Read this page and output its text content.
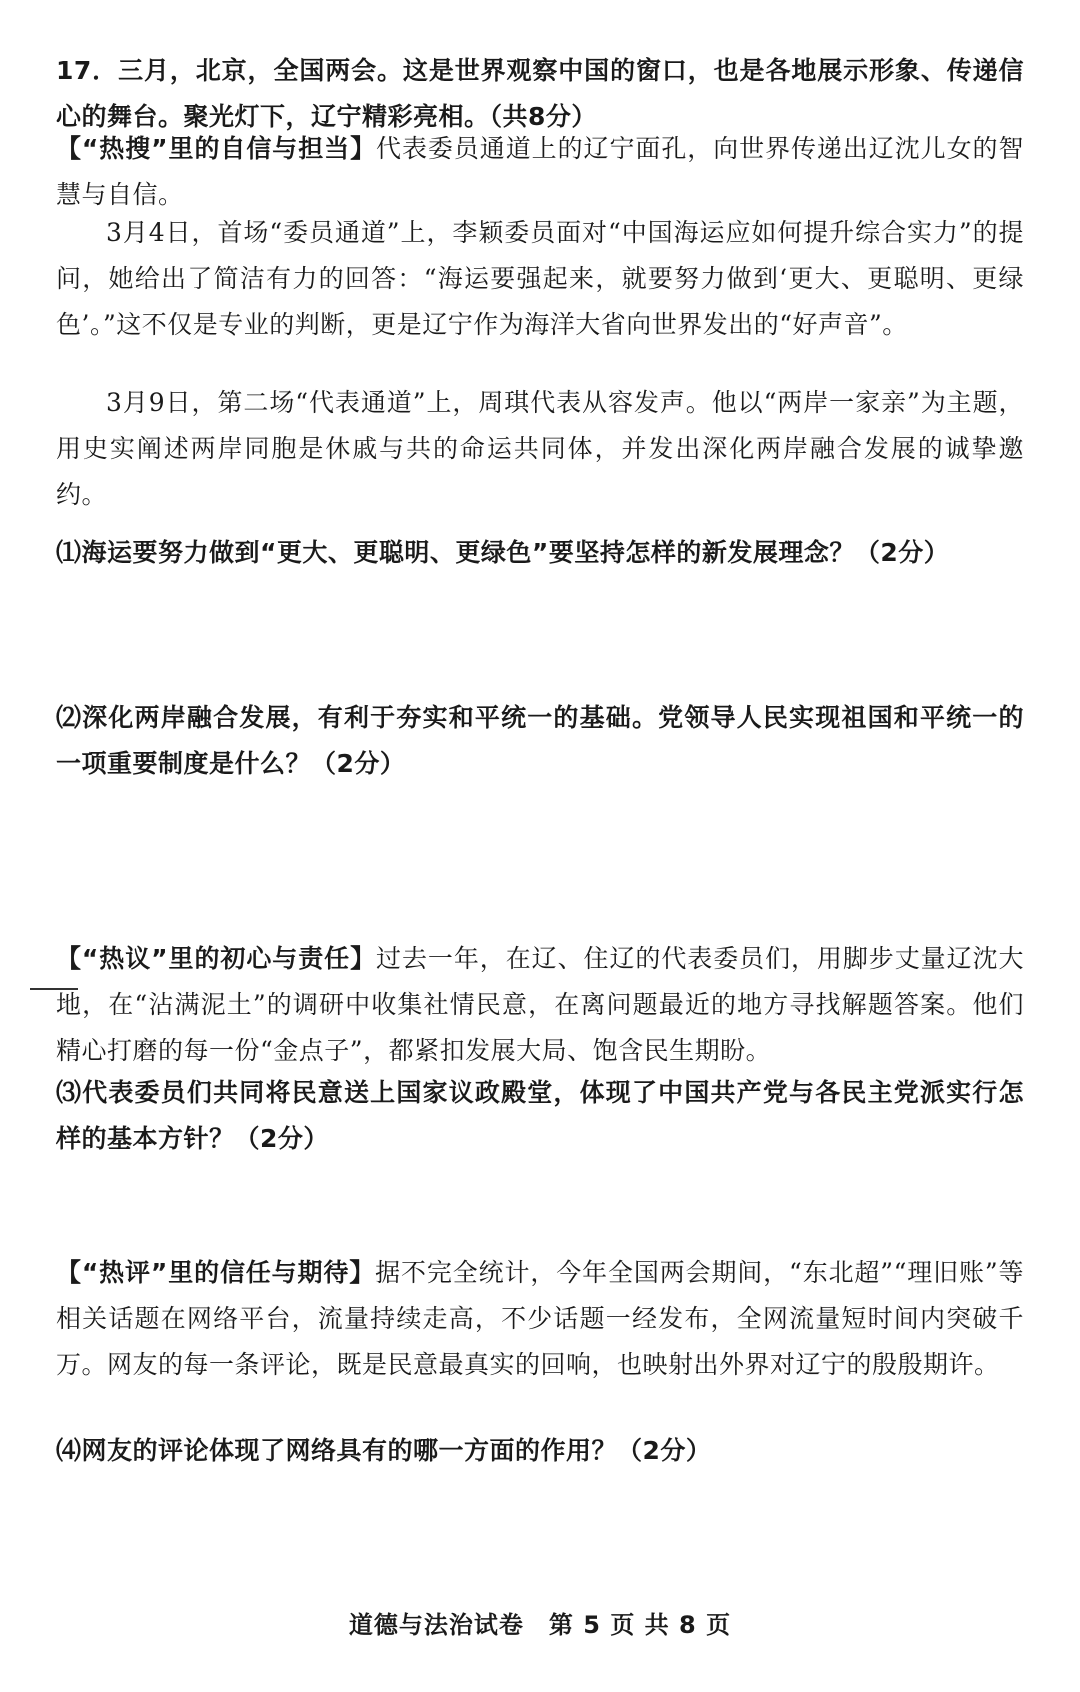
17．三月，北京，全国两会。这是世界观察中国的窗口，也是各地展示形象、传递信心的舞台。聚光灯下，辽宁精彩亮相。（共8分）
【“热搜”里的自信与担当】代表委员通道上的辽宁面孔，向世界传递出辽沈儿女的智慧与自信。
3月4日，首场“委员通道”上，李颖委员面对“中国海运应如何提升综合实力”的提问，她给出了简洁有力的回答：“海运要强起来，就要努力做到‘更大、更聪明、更绿色’。”这不仅是专业的判断，更是辽宁作为海洋大省向世界发出的“好声音”。
3月9日，第二场“代表通道”上，周琪代表从容发声。他以“两岸一家亲”为主题，用史实阐述两岸同胞是休戚与共的命运共同体，并发出深化两岸融合发展的诚挚邀约。
⑴海运要努力做到“更大、更聪明、更绿色”要坚持怎样的新发展理念？（2分）
⑵深化两岸融合发展，有利于夯实和平统一的基础。党领导人民实现祖国和平统一的一项重要制度是什么？（2分）
【“热议”里的初心与责任】过去一年，在辽、住辽的代表委员们，用脚步丈量辽沈大地，在“沾满泥土”的调研中收集社情民意，在离问题最近的地方寻找解题答案。他们精心打磨的每一份“金点子”，都紧扣发展大局、饱含民生期盼。
⑶代表委员们共同将民意送上国家议政殿堂，体现了中国共产党与各民主党派实行怎样的基本方针？（2分）
【“热评”里的信任与期待】据不完全统计，今年全国两会期间，“东北超”“理旧账”等相关话题在网络平台，流量持续走高，不少话题一经发布，全网流量短时间内突破千万。网友的每一条评论，既是民意最真实的回响，也映射出外界对辽宁的殷殷期许。
⑷网友的评论体现了网络具有的哪一方面的作用？（2分）
道德与法治试卷　第 5 页 共 8 页
